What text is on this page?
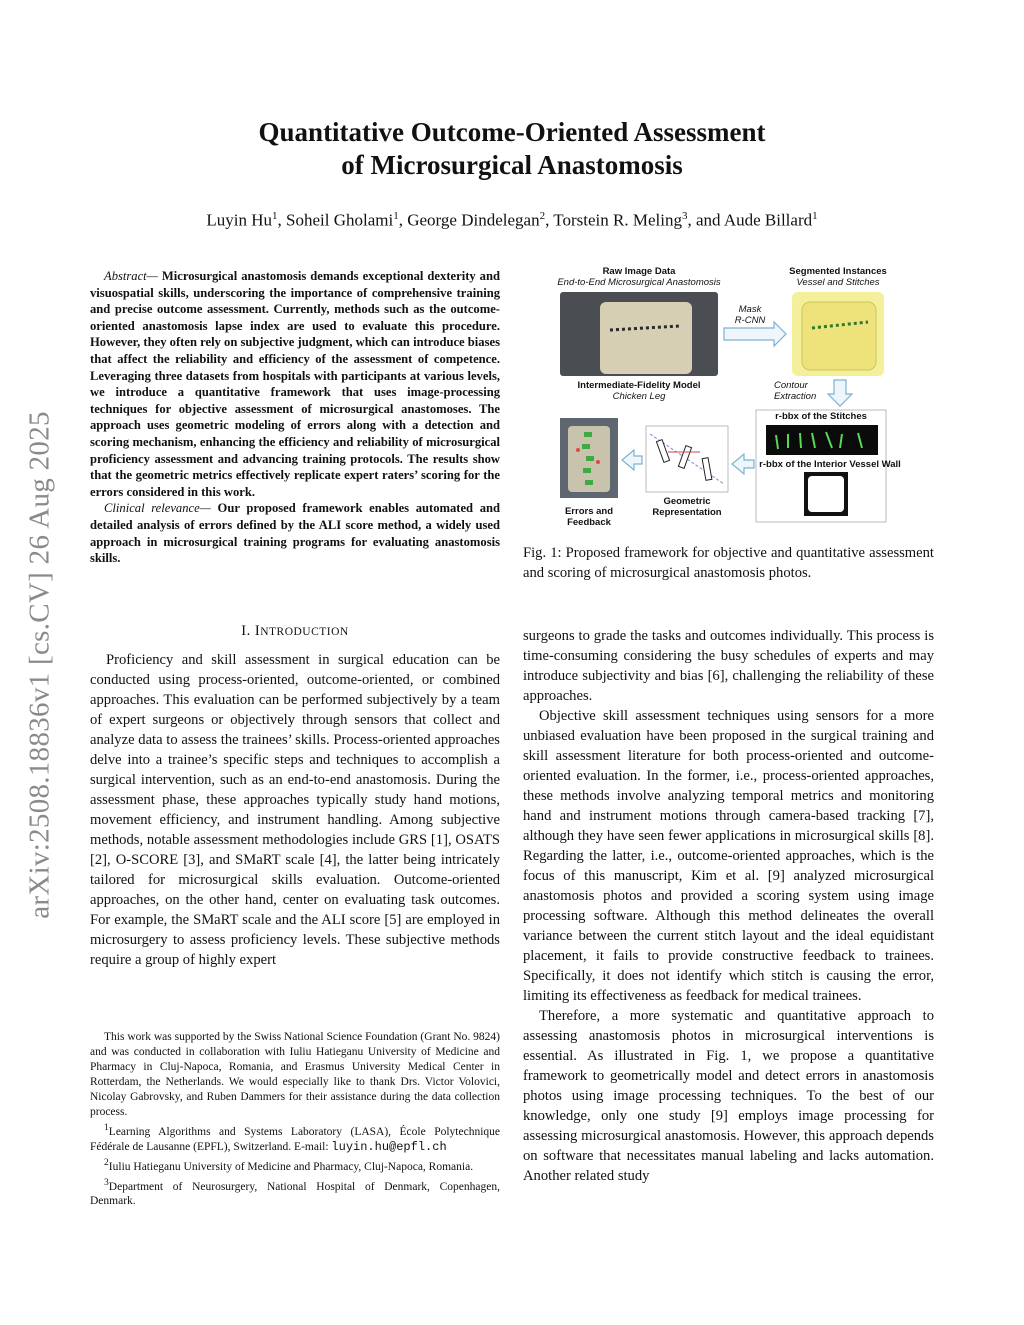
arXiv:2508.18836v1 [cs.CV] 26 Aug 2025
Quantitative Outcome-Oriented Assessment
of Microsurgical Anastomosis
Luyin Hu$^1$, Soheil Gholami$^1$, George Dindelegan$^2$, Torstein R. Meling$^3$, and Aude Billard$^1$

Abstract— Microsurgical anastomosis demands exceptional dexterity and visuospatial skills, underscoring the importance of comprehensive training and precise outcome assessment. Currently, methods such as the outcome-oriented anastomosis lapse index are used to evaluate this procedure. However, they often rely on subjective judgment, which can introduce biases that affect the reliability and efficiency of the assessment of competence. Leveraging three datasets from hospitals with participants at various levels, we introduce a quantitative framework that uses image-processing techniques for objective assessment of microsurgical anastomoses. The approach uses geometric modeling of errors along with a detection and scoring mechanism, enhancing the efficiency and reliability of microsurgical proficiency assessment and advancing training protocols. The results show that the geometric metrics effectively replicate expert raters’ scoring for the errors considered in this work.

Clinical relevance— Our proposed framework enables automated and detailed analysis of errors defined by the ALI score method, a widely used approach in microsurgical training programs for evaluating anastomosis skills.

I. INTRODUCTION

Proficiency and skill assessment in surgical education can be conducted using process-oriented, outcome-oriented, or combined approaches. This evaluation can be performed subjectively by a team of expert surgeons or objectively through sensors that collect and analyze data to assess the trainees’ skills. Process-oriented approaches delve into a trainee’s specific steps and techniques to accomplish a surgical intervention, such as an end-to-end anastomosis. During the assessment phase, these approaches typically study hand motions, movement efficiency, and instrument handling. Among subjective methods, notable assessment methodologies include GRS [1], OSATS [2], O-SCORE [3], and SMaRT scale [4], the latter being intricately tailored for microsurgical skills evaluation. Outcome-oriented approaches, on the other hand, center on evaluating task outcomes. For example, the SMaRT scale and the ALI score [5] are employed in microsurgery to assess proficiency levels. These subjective methods require a group of highly expert

This work was supported by the Swiss National Science Foundation (Grant No. 9824) and was conducted in collaboration with Iuliu Hatieganu University of Medicine and Pharmacy in Cluj-Napoca, Romania, and Erasmus University Medical Center in Rotterdam, the Netherlands. We would especially like to thank Drs. Victor Volovici, Nicolay Gabrovsky, and Ruben Dammers for their assistance during the data collection process.

$^1$Learning Algorithms and Systems Laboratory (LASA), École Polytechnique Fédérale de Lausanne (EPFL), Switzerland. E-mail: luyin.hu@epfl.ch

$^2$Iuliu Hatieganu University of Medicine and Pharmacy, Cluj-Napoca, Romania.

$^3$Department of Neurosurgery, National Hospital of Denmark, Copenhagen, Denmark.

Raw Image Data
End-to-End Microsurgical Anastomosis
Segmented Instances
Vessel and Stitches
Mask
R-CNN
Intermediate-Fidelity Model
Chicken Leg
Contour
Extraction
r-bbx of the Stitches
r-bbx of the Interior Vessel Wall
Geometric
Representation
Errors and
Feedback
Fig. 1: Proposed framework for objective and quantitative assessment and scoring of microsurgical anastomosis photos.

surgeons to grade the tasks and outcomes individually. This process is time-consuming considering the busy schedules of experts and may introduce subjectivity and bias [6], challenging the reliability of these approaches.

Objective skill assessment techniques using sensors for a more unbiased evaluation have been proposed in the surgical training and skill assessment literature for both process-oriented and outcome-oriented evaluation. In the former, i.e., process-oriented approaches, these methods involve analyzing temporal metrics and monitoring hand and instrument motions through camera-based tracking [7], although they have seen fewer applications in microsurgical skills [8]. Regarding the latter, i.e., outcome-oriented approaches, which is the focus of this manuscript, Kim et al. [9] analyzed microsurgical anastomosis photos and provided a scoring system using image processing software. Although this method delineates the overall variance between the current stitch layout and the ideal equidistant placement, it fails to provide constructive feedback to trainees. Specifically, it does not identify which stitch is causing the error, limiting its effectiveness as feedback for medical trainees.

Therefore, a more systematic and quantitative approach to assessing anastomosis photos in microsurgical interventions is essential. As illustrated in Fig. 1, we propose a quantitative framework to geometrically model and detect errors in anastomosis photos using image processing techniques. To the best of our knowledge, only one study [9] employs image processing for assessing microsurgical anastomosis. However, this approach depends on software that necessitates manual labeling and lacks automation. Another related study
